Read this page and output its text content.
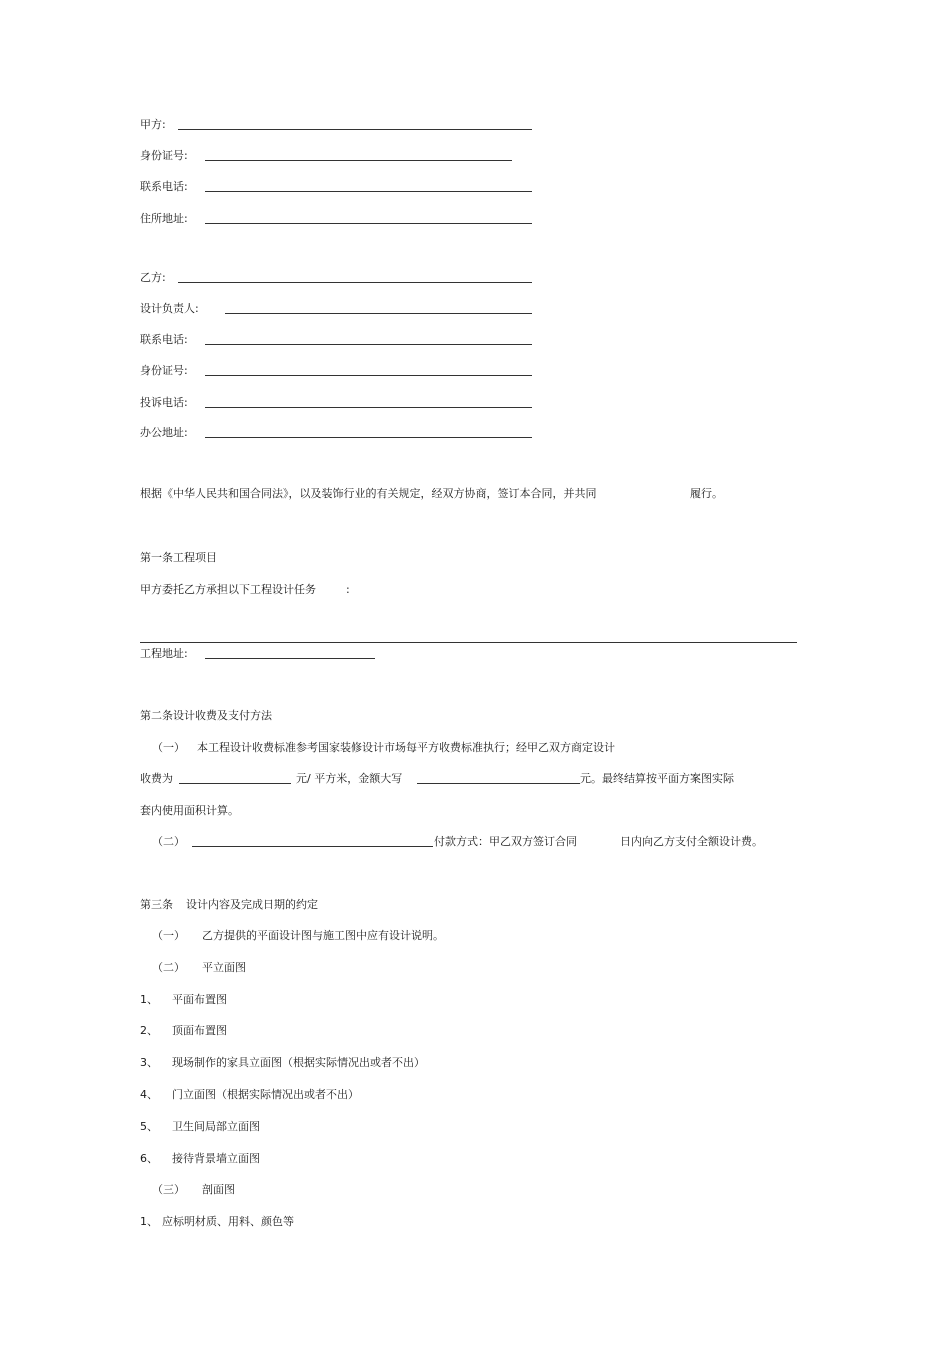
甲方:
身份证号:
联系电话:
住所地址:
乙方:
设计负责人:
联系电话:
身份证号:
投诉电话:
办公地址:
根据《中华人民共和国合同法》，以及装饰行业的有关规定，经双方协商，签订本合同，并共同	履行。
第一条工程项目
甲方委托乙方承担以下工程设计任务	:
工程地址:
第二条设计收费及支付方法
（一） 本工程设计收费标准参考国家装修设计市场每平方收费标准执行；经甲乙双方商定设计
收费为	元/ 平方米，金额大写	元。最终结算按平面方案图实际
套内使用面积计算。
（二）	付款方式：甲乙双方签订合同	日内向乙方支付全额设计费。
第三条 设计内容及完成日期的约定
（一） 乙方提供的平面设计图与施工图中应有设计说明。
（二） 平立面图
1、 平面布置图
2、 顶面布置图
3、 现场制作的家具立面图（根据实际情况出或者不出）
4、 门立面图（根据实际情况出或者不出）
5、 卫生间局部立面图
6、 接待背景墙立面图
（三） 剖面图
1、 应标明材质、用料、颜色等
